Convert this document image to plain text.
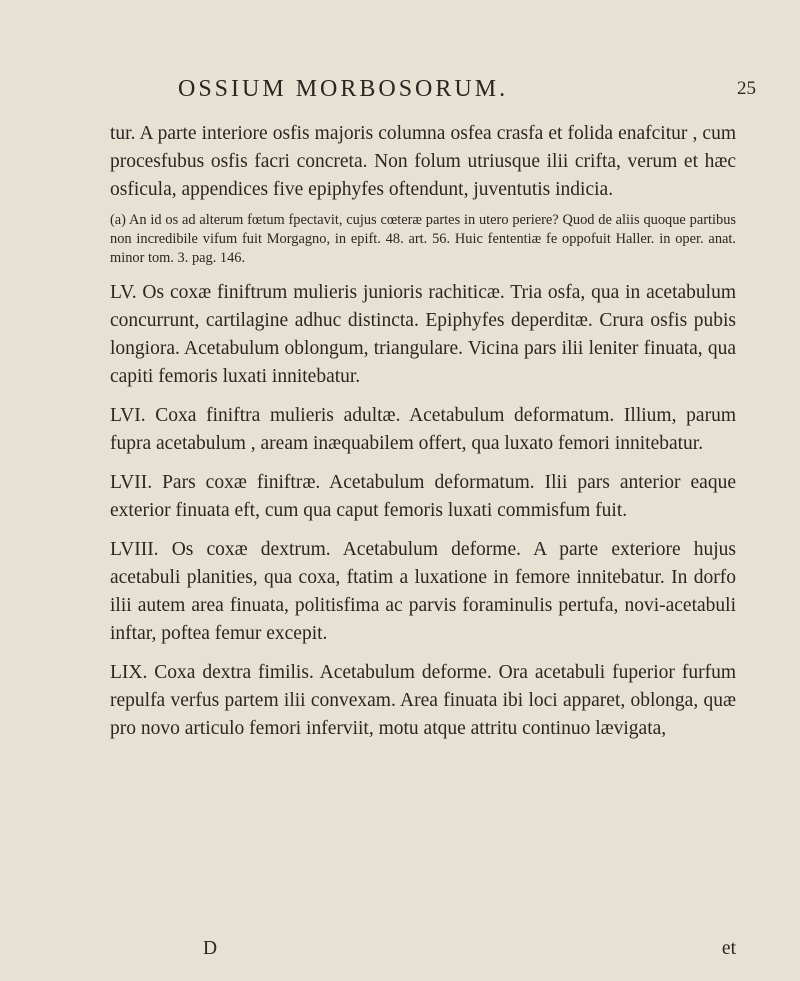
OSSIUM MORBOSORUM.	25

tur. A parte interiore osfis majoris columna osfea crasfa et folida enafcitur , cum procesfubus osfis facri concreta. Non folum utriusque ilii crifta, verum et hæc osficula, appendices five epiphyfes oftendunt, juventutis indicia.

(a) An id os ad alterum fœtum fpectavit, cujus cœteræ partes in utero periere? Quod de aliis quoque partibus non incredibile vifum fuit Morgagno, in epift. 48. art. 56. Huic fententiæ fe oppofuit Haller. in oper. anat. minor tom. 3. pag. 146.

LV. Os coxæ finiftrum mulieris junioris rachiticæ. Tria osfa, qua in acetabulum concurrunt, cartilagine adhuc distincta. Epiphyfes deperditæ. Crura osfis pubis longiora. Acetabulum oblongum, triangulare. Vicina pars ilii leniter finuata, qua capiti femoris luxati innitebatur.

LVI. Coxa finiftra mulieris adultæ. Acetabulum deformatum. Illium, parum fupra acetabulum , aream inæquabilem offert, qua luxato femori innitebatur.

LVII. Pars coxæ finiftræ. Acetabulum deformatum. Ilii pars anterior eaque exterior finuata eft, cum qua caput femoris luxati commisfum fuit.

LVIII. Os coxæ dextrum. Acetabulum deforme. A parte exteriore hujus acetabuli planities, qua coxa, ftatim a luxatione in femore innitebatur. In dorfo ilii autem area finuata, politisfima ac parvis foraminulis pertufa, novi-acetabuli inftar, poftea femur excepit.

LIX. Coxa dextra fimilis. Acetabulum deforme. Ora acetabuli fuperior furfum repulfa verfus partem ilii convexam. Area finuata ibi loci apparet, oblonga, quæ pro novo articulo femori inferviit, motu atque attritu continuo lævigata,

D	et
